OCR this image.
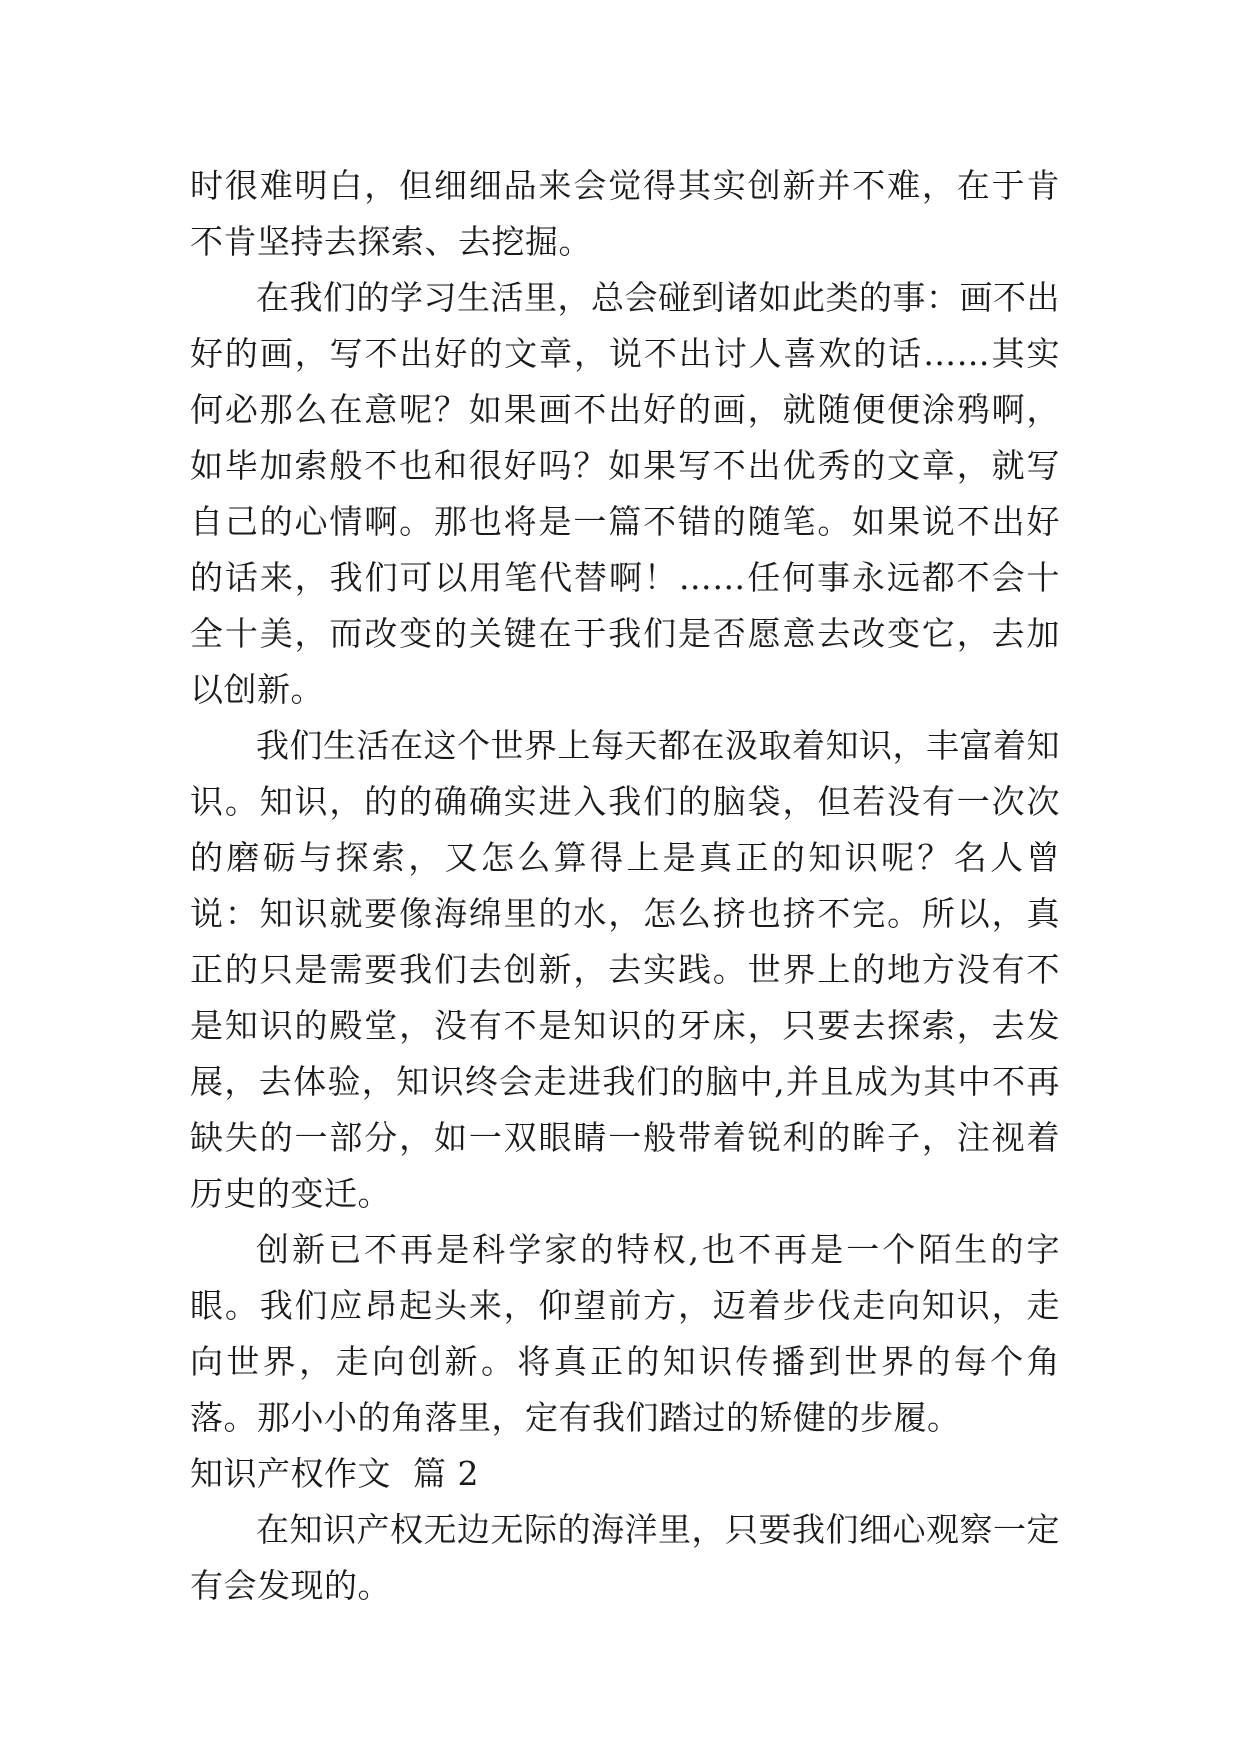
时很难明白，但细细品来会觉得其实创新并不难，在于肯不肯坚持去探索、去挖掘。

在我们的学习生活里，总会碰到诸如此类的事：画不出好的画，写不出好的文章，说不出讨人喜欢的话……其实何必那么在意呢？如果画不出好的画，就随便便涂鸦啊，如毕加索般不也和很好吗？如果写不出优秀的文章，就写自己的心情啊。那也将是一篇不错的随笔。如果说不出好的话来，我们可以用笔代替啊！……任何事永远都不会十全十美，而改变的关键在于我们是否愿意去改变它，去加以创新。

我们生活在这个世界上每天都在汲取着知识，丰富着知识。知识，的的确确实进入我们的脑袋，但若没有一次次的磨砺与探索，又怎么算得上是真正的知识呢？名人曾说：知识就要像海绵里的水，怎么挤也挤不完。所以，真正的只是需要我们去创新，去实践。世界上的地方没有不是知识的殿堂，没有不是知识的牙床，只要去探索，去发展，去体验，知识终会走进我们的脑中,并且成为其中不再缺失的一部分，如一双眼睛一般带着锐利的眸子，注视着历史的变迁。

创新已不再是科学家的特权,也不再是一个陌生的字眼。我们应昂起头来，仰望前方，迈着步伐走向知识，走向世界，走向创新。将真正的知识传播到世界的每个角落。那小小的角落里，定有我们踏过的矫健的步履。

知识产权作文  篇 2

在知识产权无边无际的海洋里，只要我们细心观察一定有会发现的。
